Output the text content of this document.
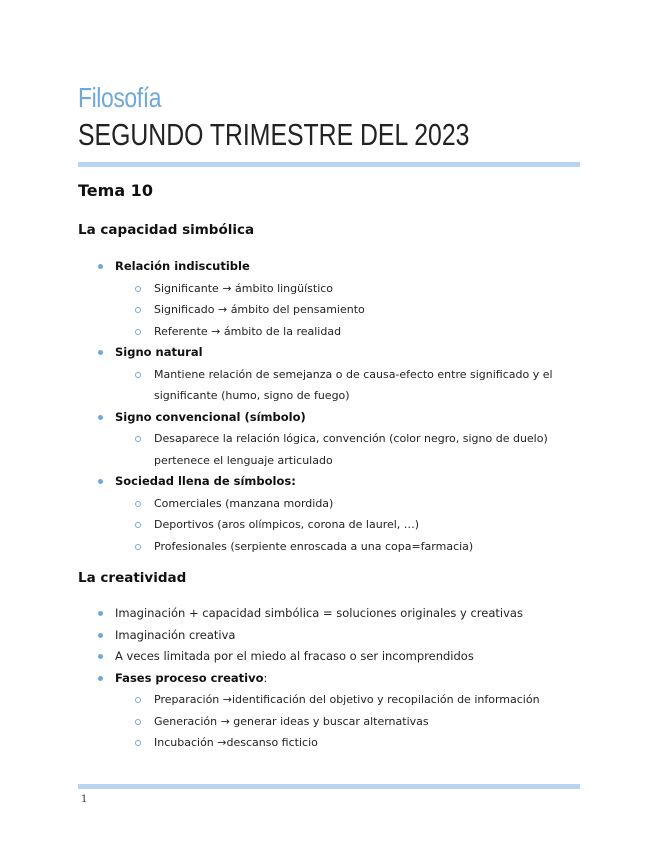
Filosofía
SEGUNDO TRIMESTRE DEL 2023
Tema 10
La capacidad simbólica
Relación indiscutible
Significante → ámbito lingüístico
Significado → ámbito del pensamiento
Referente → ámbito de la realidad
Signo natural
Mantiene relación de semejanza o de causa-efecto entre significado y el significante (humo, signo de fuego)
Signo convencional (símbolo)
Desaparece la relación lógica, convención (color negro, signo de duelo) pertenece el lenguaje articulado
Sociedad llena de símbolos:
Comerciales (manzana mordida)
Deportivos (aros olímpicos, corona de laurel, …)
Profesionales (serpiente enroscada a una copa=farmacia)
La creatividad
Imaginación + capacidad simbólica = soluciones originales y creativas
Imaginación creativa
A veces limitada por el miedo al fracaso o ser incomprendidos
Fases proceso creativo:
Preparación →identificación del objetivo y recopilación de información
Generación → generar ideas y buscar alternativas
Incubación →descanso ficticio
1
